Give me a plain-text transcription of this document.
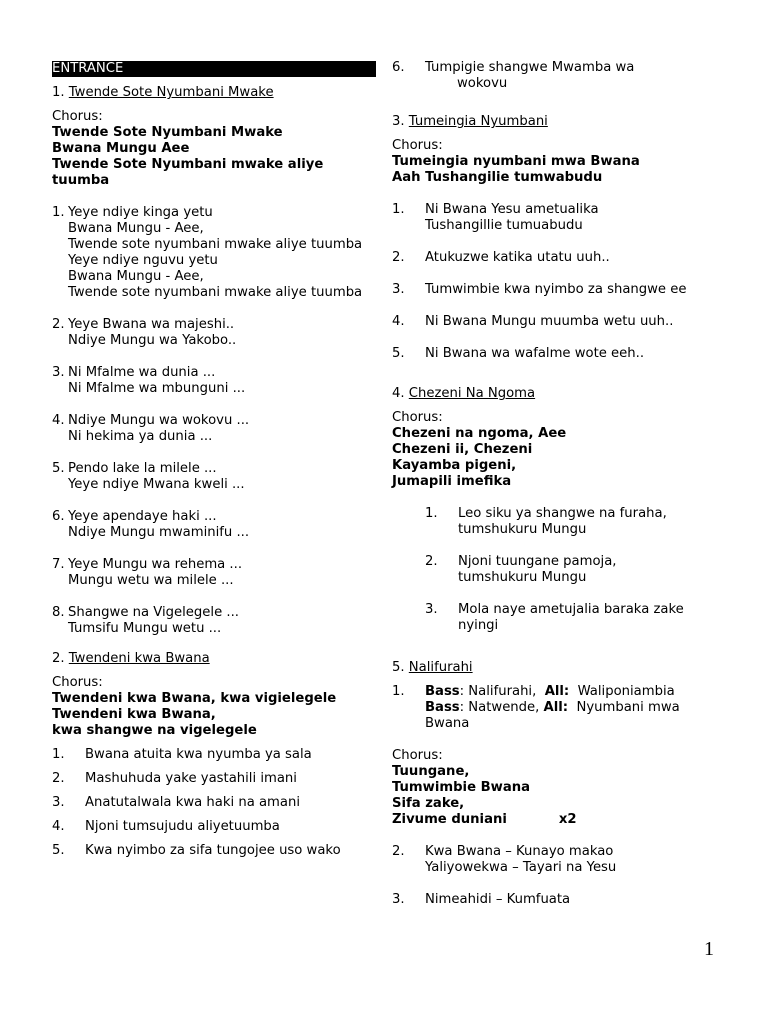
ENTRANCE
1. Twende Sote Nyumbani Mwake
Chorus:
Twende Sote Nyumbani Mwake
Bwana Mungu Aee
Twende Sote Nyumbani mwake aliye tuumba
1. Yeye ndiye kinga yetu
Bwana Mungu - Aee,
Twende sote nyumbani mwake aliye tuumba
Yeye ndiye nguvu yetu
Bwana Mungu - Aee,
Twende sote nyumbani mwake aliye tuumba
2. Yeye Bwana wa majeshi..
Ndiye Mungu wa Yakobo..
3. Ni Mfalme wa dunia ...
Ni Mfalme wa mbunguni ...
4. Ndiye Mungu wa wokovu ...
Ni hekima ya dunia ...
5. Pendo lake la milele ...
Yeye ndiye Mwana kweli ...
6. Yeye apendaye haki ...
Ndiye Mungu mwaminifu ...
7. Yeye Mungu wa rehema ...
Mungu wetu wa milele ...
8. Shangwe na Vigelegele ...
Tumsifu Mungu wetu ...
2. Twendeni kwa Bwana
Chorus:
Twendeni kwa Bwana, kwa vigielegele
Twendeni kwa Bwana,
kwa shangwe na vigelegele
1.	Bwana atuita kwa nyumba ya sala
2.	Mashuhuda yake yastahili imani
3.	Anatutalwala kwa haki na amani
4.	Njoni tumsujudu aliyetuumba
5.	Kwa nyimbo za sifa tungojee uso wako
6.	Tumpigie shangwe Mwamba wa
wokovu
3. Tumeingia Nyumbani
Chorus:
Tumeingia nyumbani mwa Bwana
Aah Tushangilie tumwabudu
1.	Ni Bwana Yesu ametualika
Tushangillie tumuabudu
2.	Atukuzwe katika utatu uuh..
3.	Tumwimbie kwa nyimbo za shangwe ee
4.	Ni Bwana Mungu muumba wetu uuh..
5.	Ni Bwana wa wafalme wote eeh..
4. Chezeni Na Ngoma
Chorus:
Chezeni na ngoma, Aee
Chezeni ii, Chezeni
Kayamba pigeni,
Jumapili imefika
1.	Leo siku ya shangwe na furaha,
tumshukuru Mungu
2.	Njoni tuungane pamoja,
tumshukuru Mungu
3.	Mola naye ametujalia baraka zake
nyingi
5. Nalifurahi
1.	Bass: Nalifurahi, All: Waliponiambia
Bass: Natwende, All: Nyumbani mwa
Bwana
Chorus:
Tuungane,
Tumwimbie Bwana
Sifa zake,
Zivume duniani	x2
2.	Kwa Bwana – Kunayo makao
Yaliyowekwa – Tayari na Yesu
3.	Nimeahidi – Kumfuata
1
